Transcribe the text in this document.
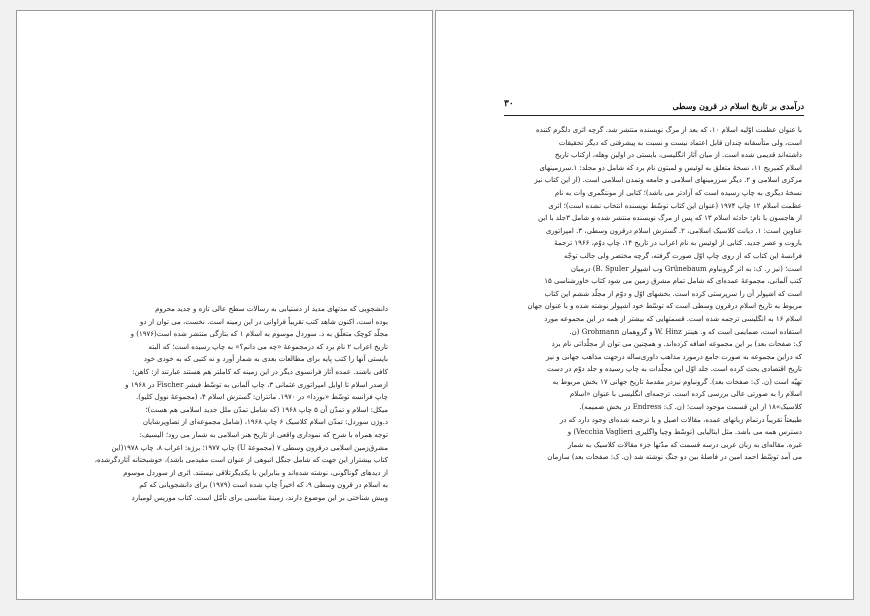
دانشجویی که مدتهای مدید از دستیابی به رسالات سطح عالی تازه و جدید محروم
بوده است، اکنون شاهد کتب تقریباً فراوانی در این زمینه است. نخست، می توان از دو
مجلّد کوچک متعلّق به د. سوردل موسوم به اسلام ۱ که بتازگی منتشر شده است(۱۹۷۶) و
تاریخ اعراب ۲ نام برد که درمجموعهٔ «چه می دانم؟» به چاپ رسیده است؛ که البته
بایستی آنها را کتب پایه برای مطالعات بعدی به شمار آورد و نه کتبی که به خودی خود
کافی باشند. عمده آثار فرانسوی دیگر در این زمینه که کاملتر هم هستند عبارتند از: کاهن:
ازصدر اسلام تا اوایل امپراتوری عثمانی ۳، چاپ آلمانی به توسّط فیشر Fischer در ۱۹۶۸ و
چاپ فرانسه توسّط «بوردا» در ۱۹۷۰. مانتران: گسترش اسلام ۴، (مجموعهٔ نوول کلیو).
میکل: اسلام و تمدّن آن ۵ چاپ ۱۹۶۸ (که شامل تمدّن ملل جدید اسلامی هم هست)؛
د.وژن سوردل: تمدّن اسلام کلاسیک ۶ چاپ ۱۹۶۸، (شامل مجموعه‌ای از تصاویرشایان
توجه همراه با شرح که نموداری واقعی از تاریخ هنر اسلامی به شمار می رود؛ الیسیف:
مشرق‌زمین اسلامی درقرون وسطی ۷ (مجموعهٔ U) چاپ ۱۹۷۷؛ برژه: اعراب ۸، چاپ ۱۹۷۸(این
کتاب بیشتراز این جهت که شامل جنگل انبوهی از عنوان است مفیدمی باشد)، خوشبختانه آثاردگرشده،
از دیدهای گوناگونی، نوشته شده‌اند و بنابراین با یکدیگرتلاقی نیستند. اثری از سوردل موسوم
به اسلام در قرون وسطی ۹، که اخیراً چاپ شده است (۱۹۷۹) برای دانشجویانی که کم
وبیش شناختی بر این موضوع دارند، زمینهٔ مناسبی برای تأمّل است. کتاب موریس لومبارد
درآمدی بر تاریخ اسلام در قرون وسطی
۳۰
با عنوان عظمت اوّلیه اسلام ۱۰، که بعد از مرگ نویسنده منتشر شد. گرچه اثری دلگرم کننده
است، ولی متأسفانه چندان قابل اعتماد نیست و نسبت به پیشرفتی که دیگر تحقیقات
داشته‌اند قدیمی شده است. از میان آثار انگلیسی، بایستی در اولین وهله، ازکتاب تاریخ
اسلام کمبریج ۱۱، نسخهٔ متعلق به لوئیس و لمبتون نام برد که شامل دو مجلد: ۱.سرزمینهای
مرکزی اسلامی و ۲. دیگر سرزمینهای اسلامی و جامعه وتمدن اسلامی است. (از این کتاب نیز
نسخهٔ دیگری به چاپ رسیده است که آزادتر می باشد)؛ کتابی از مونتگمری وات به نام
عظمت اسلام ۱۲ چاپ ۱۹۷۴ (عنوان این کتاب توسّط نویسنده انتخاب نشده است)؛ اثری
از هاجسون با نام: حادثه اسلام ۱۳ که پس از مرگ نویسنده منتشر شده و شامل ۳جلد با این
عناوین است: ۱. دیانت کلاسیک اسلامی، ۲. گسترش اسلام درقرون وسطی، ۳. امپراتوری
باروت و عصر جدید. کتابی از لوئیس به نام اعراب در تاریخ ۱۴، چاپ دوّم، ۱۹۶۶ ترجمهٔ
فرانسهٔ این کتاب که از روی چاپ اوّل صورت گرفته، گرچه مختصر ولی جالب توجّه
است؛ (نیز ر. ک: به اثر گرونباوم Grünebaum وب اشپولر B. Spuler) درمیان
کتب آلمانی، مجموعهٔ عمده‌ای که شامل تمام مشرق زمین می شود کتاب خاورشناسی ۱۵
است که اشپولر آن را سرپرستی کرده است. بخشهای اوّل و دوّم از مجلّد ششم این کتاب
مربوط به تاریخ اسلام درقرون وسطی است که توسّط خود اشپولر نوشته شده و با عنوان جهان
اسلام ۱۶ به انگلیسی ترجمه شده است. قسمتهایی که بیشتر از همه در این مجموعه مورد
استفاده است، ضمایمی است که و. هینتز W. Hinz و گروهمان Grohmann (ن.
ک: صفحات بعد) بر این مجموعه اضافه کرده‌اند. و همچنین می توان از مجلّداتی نام برد
که دراین مجموعه به صورت جامع درمورد مذاهب داوری‌ساله درجهت مذاهب جهانی و نیز
تاریخ اقتصادی بحث کرده است. جلد اوّل این مجلّدات به چاپ رسیده و جلد دوّم در دست
تهیّه است (ن. ک: صفحات بعد). گرونباوم نیزدر مقدمهٔ تاریخ جهانی ۱۷ بخش مربوط به
اسلام را به صورتی عالی بررسی کرده است. ترجمه‌ای انگلیسی با عنوان «اسلام
کلاسیک»۱۸ از این قسمت موجود است؛ (ن. ک: Endress در بخش ضمیمه).
طبیعتاً تقریباً درتمام زبانهای عمده، مقالات اصیل و یا ترجمه شده‌ای وجود دارد که در
دسترس همه می باشد. مثل ایتالیایی (توسّط وچیا واگلیری Vecchia Vaglieri) و
غیره. مقاله‌ای به زبان عربی درسه قسمت که مدّتها جزء مقالات کلاسیک به شمار
می آمد توسّط احمد امین در فاصلهٔ بین دو جنگ نوشته شد (ن. ک: صفحات بعد) سازمان
